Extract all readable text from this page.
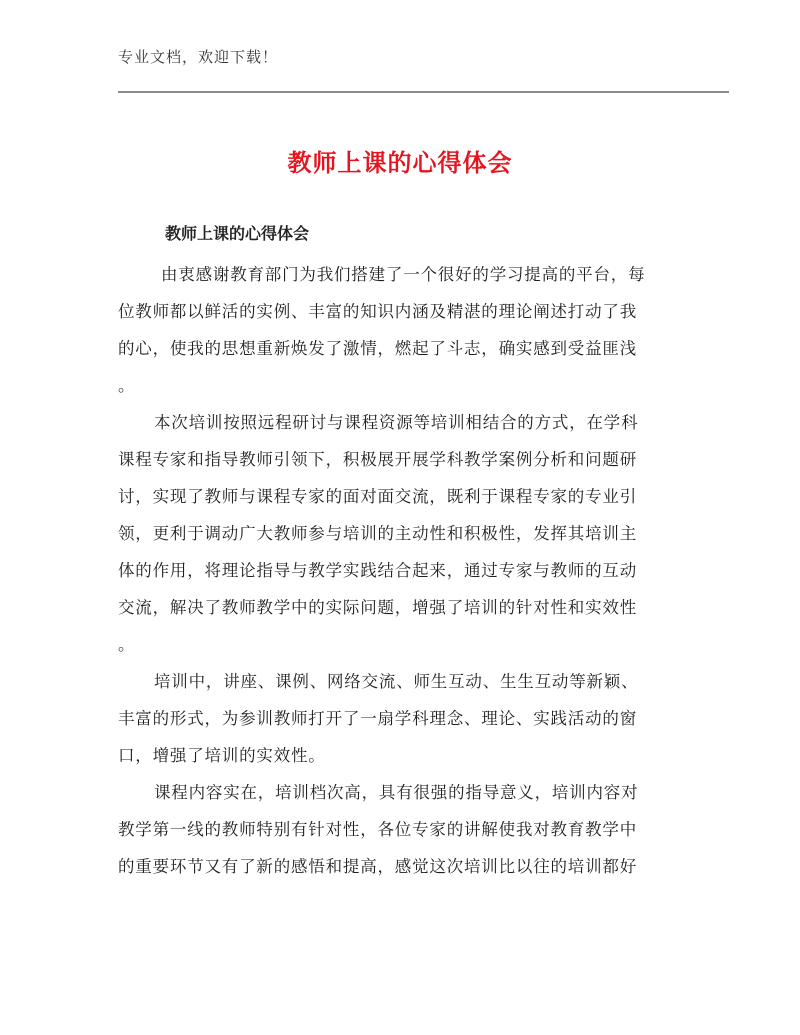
专业文档，欢迎下载！
教师上课的心得体会
教师上课的心得体会

由衷感谢教育部门为我们搭建了一个很好的学习提高的平台，每
位教师都以鲜活的实例、丰富的知识内涵及精湛的理论阐述打动了我
的心，使我的思想重新焕发了激情，燃起了斗志，确实感到受益匪浅
。

本次培训按照远程研讨与课程资源等培训相结合的方式，在学科
课程专家和指导教师引领下，积极展开展学科教学案例分析和问题研
讨，实现了教师与课程专家的面对面交流，既利于课程专家的专业引
领，更利于调动广大教师参与培训的主动性和积极性，发挥其培训主
体的作用，将理论指导与教学实践结合起来，通过专家与教师的互动
交流，解决了教师教学中的实际问题，增强了培训的针对性和实效性
。

培训中，讲座、课例、网络交流、师生互动、生生互动等新颖、
丰富的形式，为参训教师打开了一扇学科理念、理论、实践活动的窗
口，增强了培训的实效性。

课程内容实在，培训档次高，具有很强的指导意义，培训内容对
教学第一线的教师特别有针对性，各位专家的讲解使我对教育教学中
的重要环节又有了新的感悟和提高，感觉这次培训比以往的培训都好
